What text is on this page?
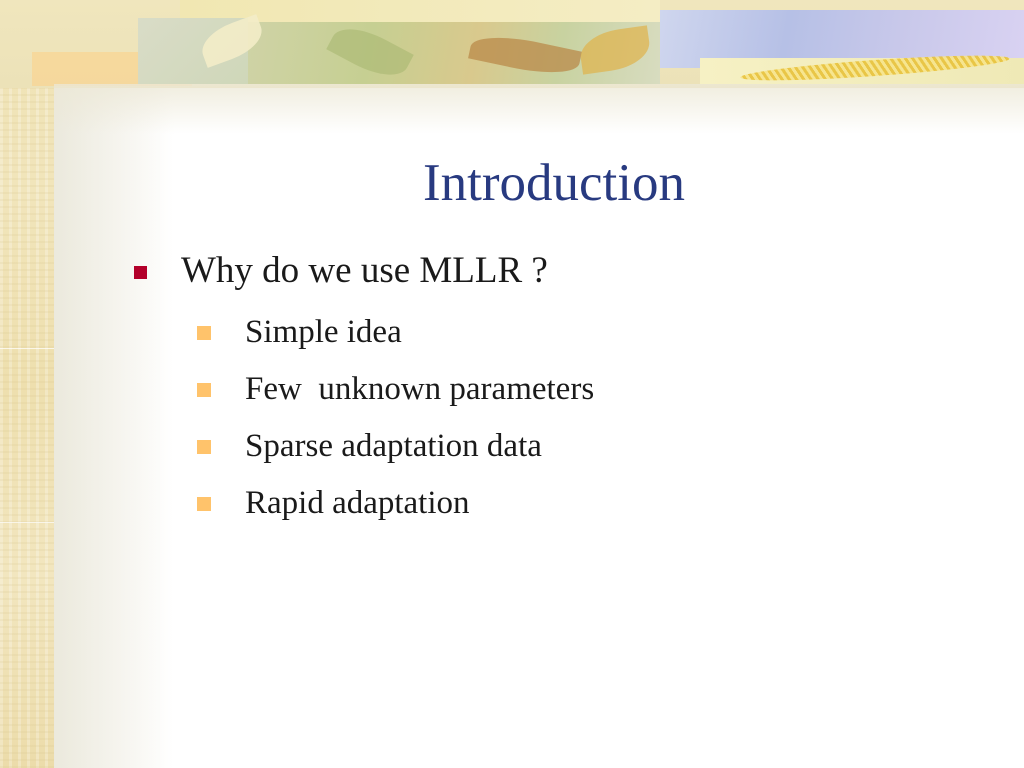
Introduction
Why do we use MLLR ?
Simple idea
Few  unknown parameters
Sparse adaptation data
Rapid adaptation
